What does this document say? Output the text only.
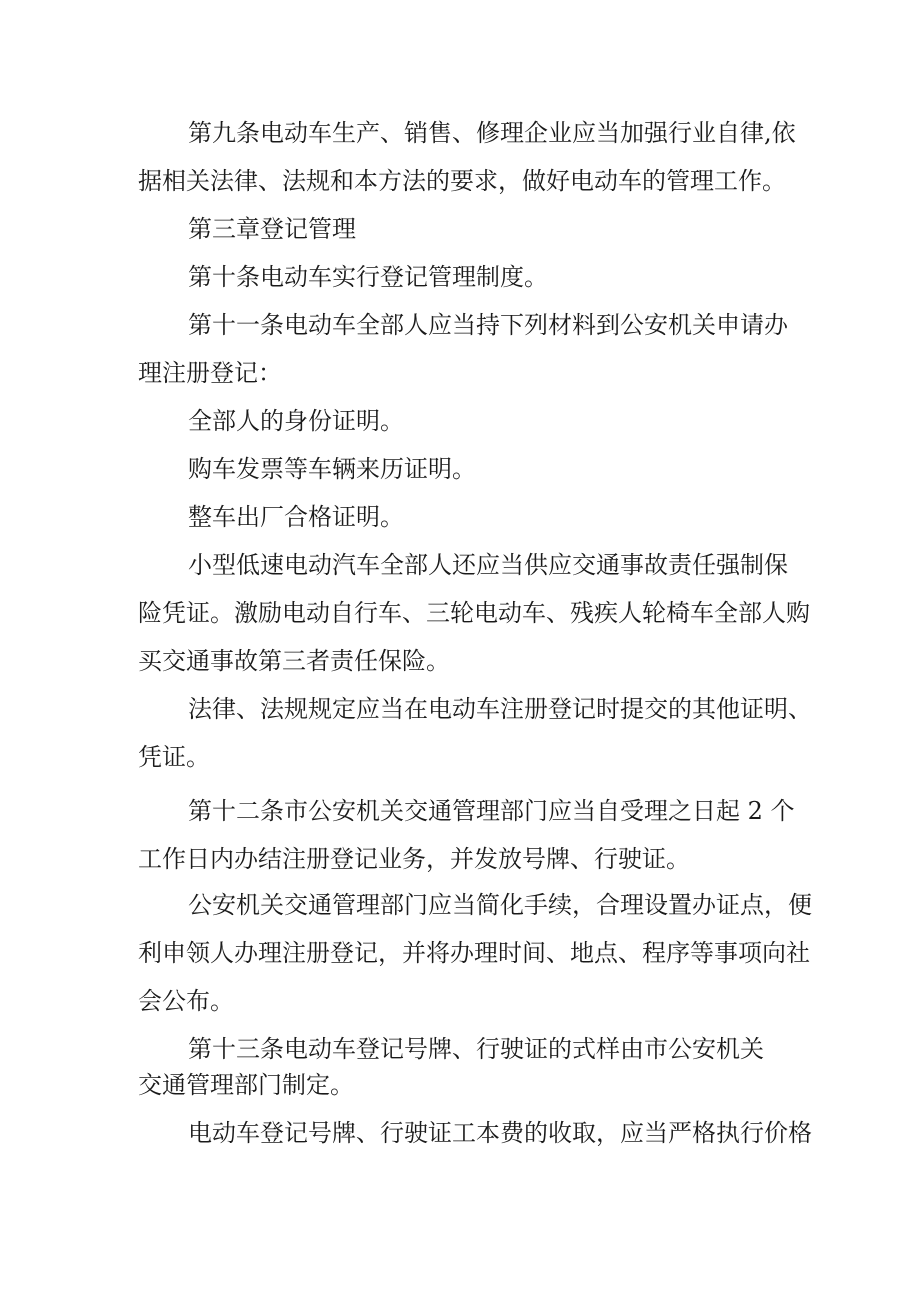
第九条电动车生产、销售、修理企业应当加强行业自律,依
据相关法律、法规和本方法的要求，做好电动车的管理工作。
第三章登记管理
第十条电动车实行登记管理制度。
第十一条电动车全部人应当持下列材料到公安机关申请办
理注册登记：
全部人的身份证明。
购车发票等车辆来历证明。
整车出厂合格证明。
小型低速电动汽车全部人还应当供应交通事故责任强制保
险凭证。激励电动自行车、三轮电动车、残疾人轮椅车全部人购
买交通事故第三者责任保险。
法律、法规规定应当在电动车注册登记时提交的其他证明、
凭证。
第十二条市公安机关交通管理部门应当自受理之日起 2 个
工作日内办结注册登记业务，并发放号牌、行驶证。
公安机关交通管理部门应当简化手续，合理设置办证点，便
利申领人办理注册登记，并将办理时间、地点、程序等事项向社
会公布。
第十三条电动车登记号牌、行驶证的式样由市公安机关
交通管理部门制定。
电动车登记号牌、行驶证工本费的收取，应当严格执行价格
